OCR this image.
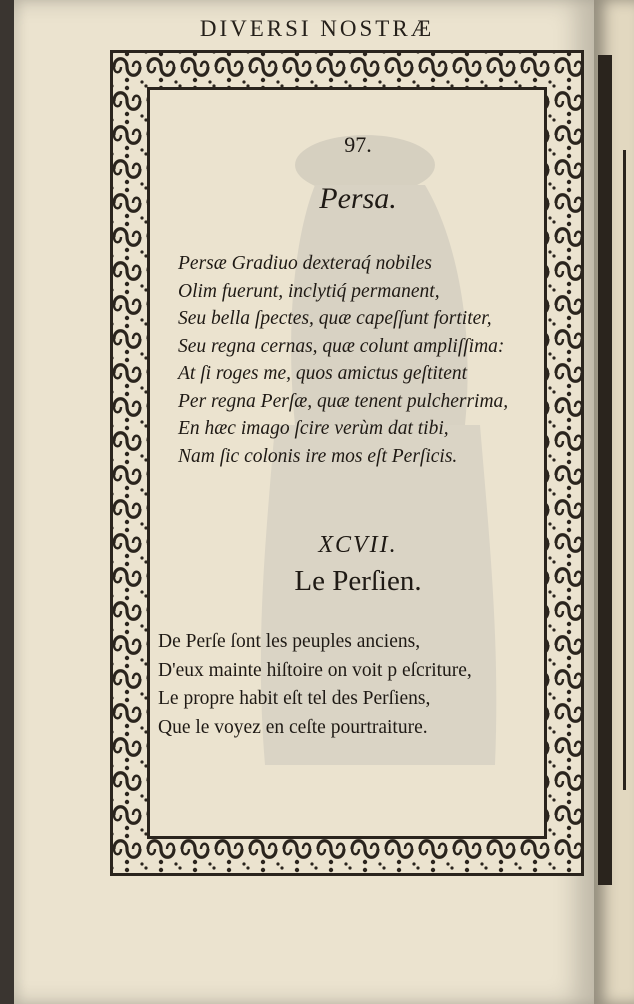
DIVERSI NOSTRÆ
97.
Persa.
Persæ Gradiuo dexteraq́ nobiles
Olim fuerunt, inclytiq́ permanent,
Seu bella ſpectes, quæ capeſſunt fortiter,
Seu regna cernas, quæ colunt ampliſſima:
At ſi roges me, quos amictus geſtitent
Per regna Perſæ, quæ tenent pulcherrima,
En hæc imago ſcire verùm dat tibi,
Nam ſic colonis ire mos eſt Perſicis.
XCVII.
Le Perſien.
De Perſe ſont les peuples anciens,
D'eux mainte hiſtoire on voit p eſcriture,
Le propre habit eſt tel des Perſiens,
Que le voyez en ceſte pourtraiture.
